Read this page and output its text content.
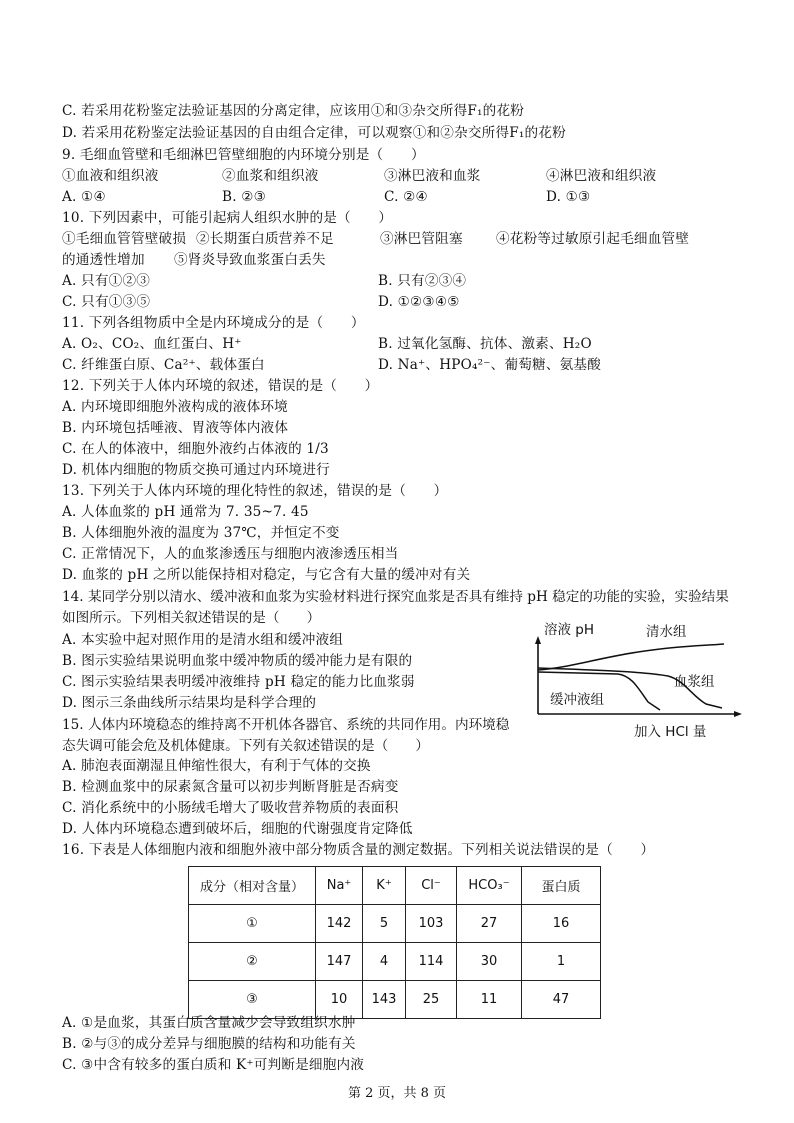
C. 若采用花粉鉴定法验证基因的分离定律，应该用①和③杂交所得F₁的花粉
D. 若采用花粉鉴定法验证基因的自由组合定律，可以观察①和②杂交所得F₁的花粉
9. 毛细血管壁和毛细淋巴管壁细胞的内环境分别是（　　）
①血液和组织液	②血浆和组织液	③淋巴液和血浆	④淋巴液和组织液
A. ①④	B. ②③	C. ②④	D. ①③
10. 下列因素中，可能引起病人组织水肿的是（　　）
①毛细血管管壁破损 ②长期蛋白质营养不足	③淋巴管阻塞 ④花粉等过敏原引起毛细血管壁
的通透性增加 ⑤肾炎导致血浆蛋白丢失
A. 只有①②③	B. 只有②③④
C. 只有①③⑤	D. ①②③④⑤
11. 下列各组物质中全是内环境成分的是（　　）
A. O₂、CO₂、血红蛋白、H⁺	B. 过氧化氢酶、抗体、激素、H₂O
C. 纤维蛋白原、Ca²⁺、载体蛋白	D. Na⁺、HPO₄²⁻、葡萄糖、氨基酸
12. 下列关于人体内环境的叙述，错误的是（　　）
A. 内环境即细胞外液构成的液体环境
B. 内环境包括唾液、胃液等体内液体
C. 在人的体液中，细胞外液约占体液的 1/3
D. 机体内细胞的物质交换可通过内环境进行
13. 下列关于人体内环境的理化特性的叙述，错误的是（　　）
A. 人体血浆的 pH 通常为 7. 35~7. 45
B. 人体细胞外液的温度为 37℃，并恒定不变
C. 正常情况下，人的血浆渗透压与细胞内液渗透压相当
D. 血浆的 pH 之所以能保持相对稳定，与它含有大量的缓冲对有关
14. 某同学分别以清水、缓冲液和血浆为实验材料进行探究血浆是否具有维持 pH 稳定的功能的实验，实验结果如图所示。下列相关叙述错误的是（　　）
A. 本实验中起对照作用的是清水组和缓冲液组
B. 图示实验结果说明血浆中缓冲物质的缓冲能力是有限的
C. 图示实验结果表明缓冲液维持 pH 稳定的能力比血浆弱
D. 图示三条曲线所示结果均是科学合理的
溶液 pH	清水组
血浆组
缓冲液组
加入 HCl 量
15. 人体内环境稳态的维持离不开机体各器官、系统的共同作用。内环境稳态失调可能会危及机体健康。下列有关叙述错误的是（　　）
A. 肺泡表面潮湿且伸缩性很大，有利于气体的交换
B. 检测血浆中的尿素氮含量可以初步判断肾脏是否病变
C. 消化系统中的小肠绒毛增大了吸收营养物质的表面积
D. 人体内环境稳态遭到破坏后，细胞的代谢强度肯定降低
16. 下表是人体细胞内液和细胞外液中部分物质含量的测定数据。下列相关说法错误的是（　　）
成分（相对含量）	Na⁺	K⁺	Cl⁻	HCO₃⁻	蛋白质
①	142	5	103	27	16
②	147	4	114	30	1
③	10	143	25	11	47
A. ①是血浆，其蛋白质含量减少会导致组织水肿
B. ②与③的成分差异与细胞膜的结构和功能有关
C. ③中含有较多的蛋白质和 K⁺可判断是细胞内液
第 2 页，共 8 页
